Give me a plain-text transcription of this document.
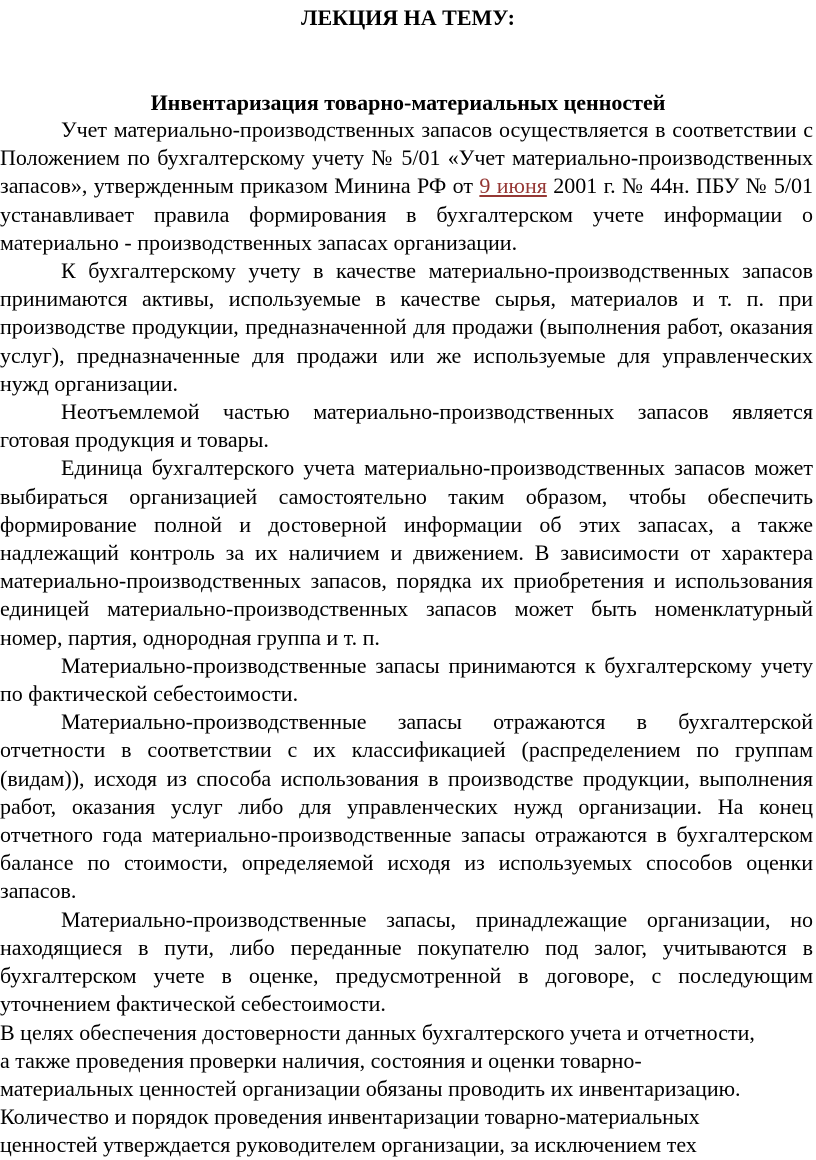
ЛЕКЦИЯ НА ТЕМУ:
Инвентаризация товарно-материальных ценностей

Учет материально-производственных запасов осуществляется в соответствии с Положением по бухгалтерскому учету № 5/01 «Учет материально-производственных запасов», утвержденным приказом Минина РФ от 9 июня 2001 г. № 44н. ПБУ № 5/01 устанавливает правила формирования в бухгалтерском учете информации о материально - производственных запасах организации.

К бухгалтерскому учету в качестве материально-производственных запасов принимаются активы, используемые в качестве сырья, материалов и т. п. при производстве продукции, предназначенной для продажи (выполнения работ, оказания услуг), предназначенные для продажи или же используемые для управленческих нужд организации.

Неотъемлемой частью материально-производственных запасов является готовая продукция и товары.

Единица бухгалтерского учета материально-производственных запасов может выбираться организацией самостоятельно таким образом, чтобы обеспечить формирование полной и достоверной информации об этих запасах, а также надлежащий контроль за их наличием и движением. В зависимости от характера материально-производственных запасов, порядка их приобретения и использования единицей материально-производственных запасов может быть номенклатурный номер, партия, однородная группа и т. п.

Материально-производственные запасы принимаются к бухгалтерскому учету по фактической себестоимости.

Материально-производственные запасы отражаются в бухгалтерской отчетности в соответствии с их классификацией (распределением по группам (видам)), исходя из способа использования в производстве продукции, выполнения работ, оказания услуг либо для управленческих нужд организации. На конец отчетного года материально-производственные запасы отражаются в бухгалтерском балансе по стоимости, определяемой исходя из используемых способов оценки запасов.

Материально-производственные запасы, принадлежащие организации, но находящиеся в пути, либо переданные покупателю под залог, учитываются в бухгалтерском учете в оценке, предусмотренной в договоре, с последующим уточнением фактической себестоимости.

В целях обеспечения достоверности данных бухгалтерского учета и отчетности,

а также проведения проверки наличия, состояния и оценки товарно-

материальных ценностей организации обязаны проводить их инвентаризацию.

Количество и порядок проведения инвентаризации товарно-материальных

ценностей утверждается руководителем организации, за исключением тех
